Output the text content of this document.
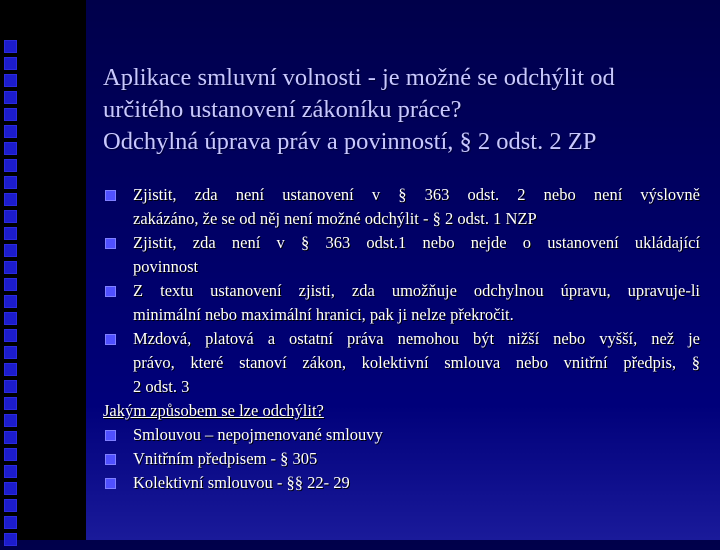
Aplikace smluvní volnosti - je možné se odchýlit od
určitého ustanovení zákoníku práce?
Odchylná úprava práv a povinností, § 2 odst. 2 ZP
Zjistit, zda není ustanovení v § 363 odst. 2 nebo není výslovně
zakázáno, že se od něj není možné odchýlit - § 2 odst. 1 NZP
Zjistit, zda není v § 363 odst.1 nebo nejde o ustanovení ukládající
povinnost
Z textu ustanovení zjisti, zda umožňuje odchylnou úpravu, upravuje-li
minimální nebo maximální hranici, pak ji nelze překročit.
Mzdová, platová a ostatní práva nemohou být nižší nebo vyšší, než je
právo, které stanoví zákon, kolektivní smlouva nebo vnitřní předpis, §
2 odst. 3
Jakým způsobem se lze odchýlit?
Smlouvou – nepojmenované smlouvy
Vnitřním předpisem - § 305
Kolektivní smlouvou - §§ 22- 29
